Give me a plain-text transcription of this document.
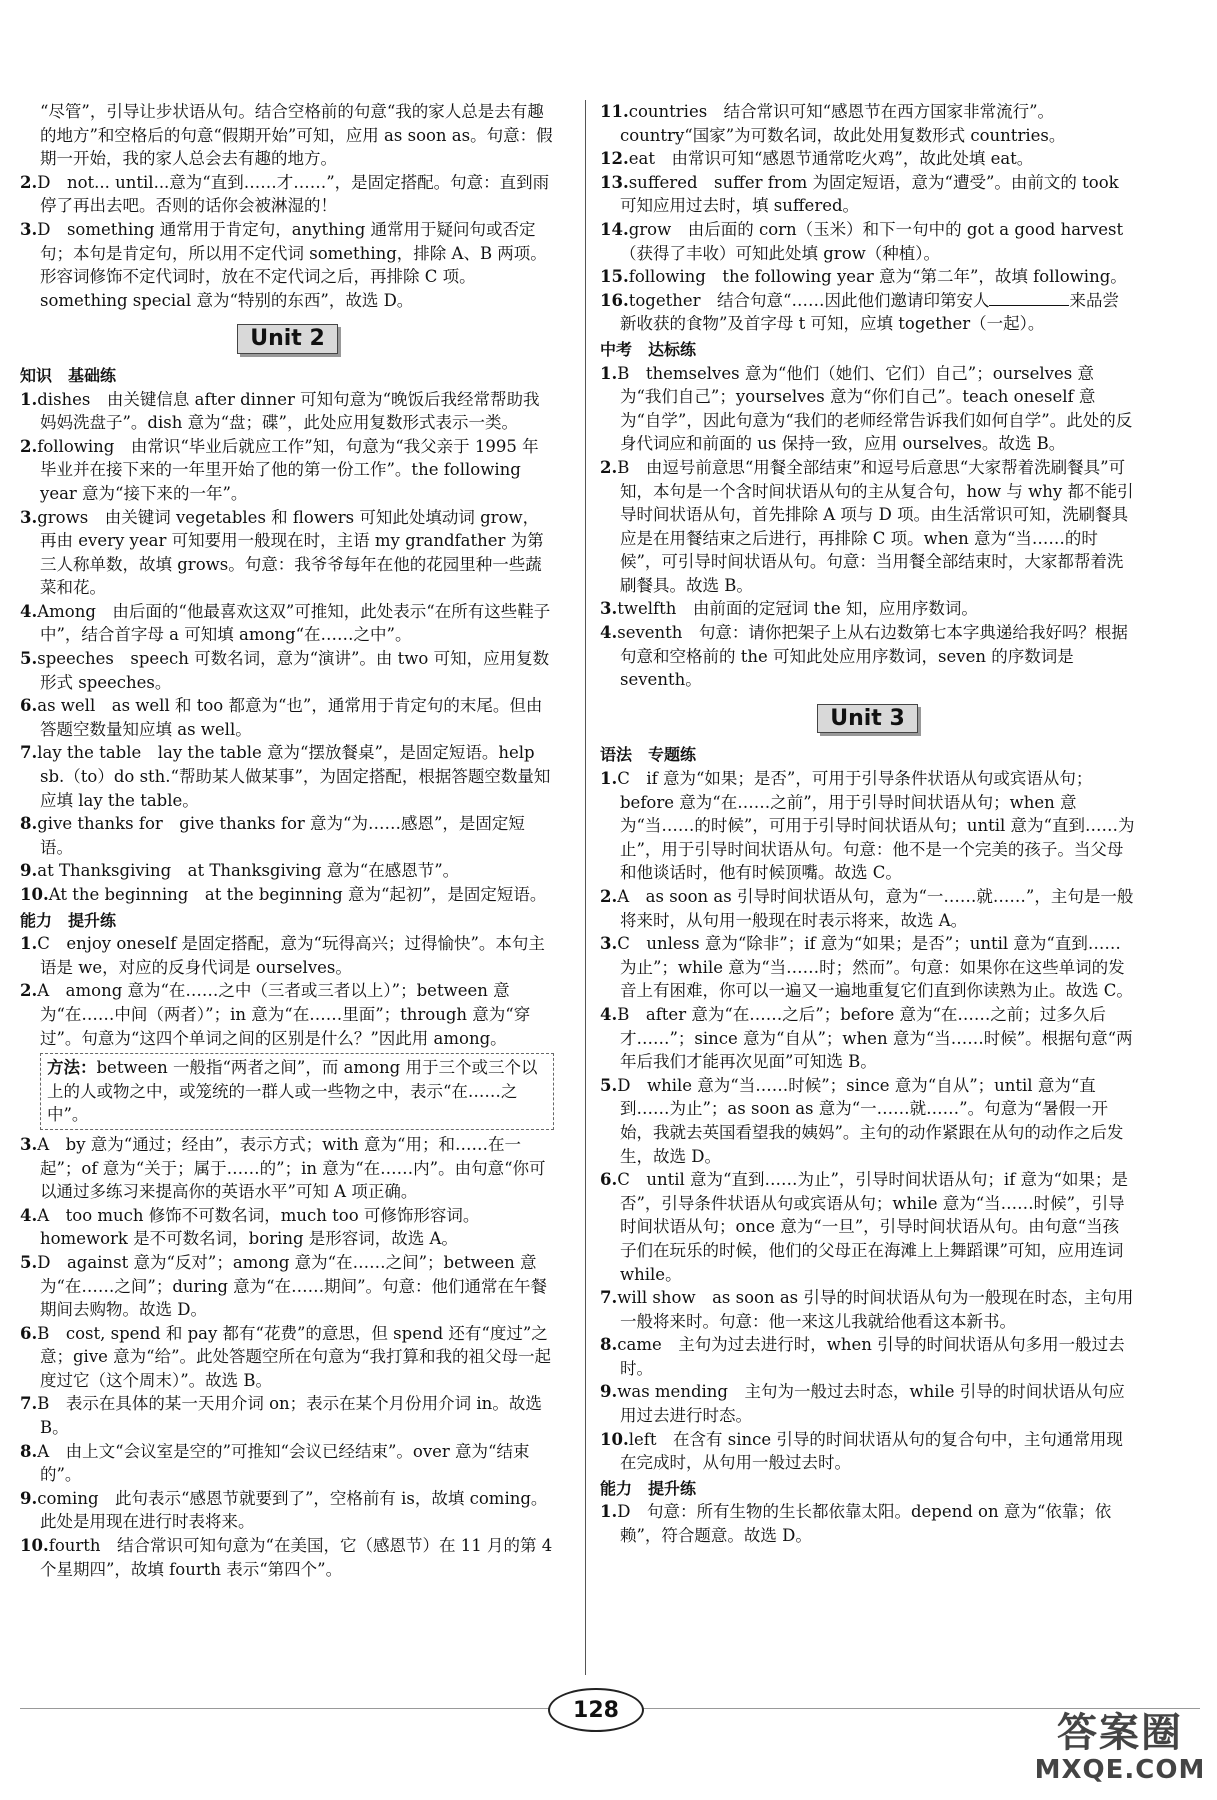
“尽管”，引导让步状语从句。结合空格前的句意“我的家人总是去有趣的地方”和空格后的句意“假期开始”可知，应用 as soon as。句意：假期一开始，我的家人总会去有趣的地方。

2.D　not... until...意为“直到……才……”，是固定搭配。句意：直到雨停了再出去吧。否则的话你会被淋湿的！

3.D　something 通常用于肯定句，anything 通常用于疑问句或否定句；本句是肯定句，所以用不定代词 something，排除 A、B 两项。形容词修饰不定代词时，放在不定代词之后，再排除 C 项。something special 意为“特别的东西”，故选 D。

Unit 2
知识　基础练

1.dishes　由关键信息 after dinner 可知句意为“晚饭后我经常帮助我妈妈洗盘子”。dish 意为“盘；碟”，此处应用复数形式表示一类。

2.following　由常识“毕业后就应工作”知，句意为“我父亲于 1995 年毕业并在接下来的一年里开始了他的第一份工作”。the following year 意为“接下来的一年”。

3.grows　由关键词 vegetables 和 flowers 可知此处填动词 grow，再由 every year 可知要用一般现在时，主语 my grandfather 为第三人称单数，故填 grows。句意：我爷爷每年在他的花园里种一些蔬菜和花。

4.Among　由后面的“他最喜欢这双”可推知，此处表示“在所有这些鞋子中”，结合首字母 a 可知填 among“在……之中”。

5.speeches　speech 可数名词，意为“演讲”。由 two 可知，应用复数形式 speeches。

6.as well　as well 和 too 都意为“也”，通常用于肯定句的末尾。但由答题空数量知应填 as well。

7.lay the table　lay the table 意为“摆放餐桌”，是固定短语。help sb.（to）do sth.“帮助某人做某事”，为固定搭配，根据答题空数量知应填 lay the table。

8.give thanks for　give thanks for 意为“为……感恩”，是固定短语。

9.at Thanksgiving　at Thanksgiving 意为“在感恩节”。

10.At the beginning　at the beginning 意为“起初”，是固定短语。

能力　提升练

1.C　enjoy oneself 是固定搭配，意为“玩得高兴；过得愉快”。本句主语是 we，对应的反身代词是 ourselves。

2.A　among 意为“在……之中（三者或三者以上）”；between 意为“在……中间（两者）”；in 意为“在……里面”；through 意为“穿过”。句意为“这四个单词之间的区别是什么？”因此用 among。

方法：between 一般指“两者之间”，而 among 用于三个或三个以上的人或物之中，或笼统的一群人或一些物之中，表示“在……之中”。

3.A　by 意为“通过；经由”，表示方式；with 意为“用；和……在一起”；of 意为“关于；属于……的”；in 意为“在……内”。由句意“你可以通过多练习来提高你的英语水平”可知 A 项正确。

4.A　too much 修饰不可数名词，much too 可修饰形容词。homework 是不可数名词，boring 是形容词，故选 A。

5.D　against 意为“反对”；among 意为“在……之间”；between 意为“在……之间”；during 意为“在……期间”。句意：他们通常在午餐期间去购物。故选 D。

6.B　cost, spend 和 pay 都有“花费”的意思，但 spend 还有“度过”之意；give 意为“给”。此处答题空所在句意为“我打算和我的祖父母一起度过它（这个周末）”。故选 B。

7.B　表示在具体的某一天用介词 on；表示在某个月份用介词 in。故选 B。

8.A　由上文“会议室是空的”可推知“会议已经结束”。over 意为“结束的”。

9.coming　此句表示“感恩节就要到了”，空格前有 is，故填 coming。此处是用现在进行时表将来。

10.fourth　结合常识可知句意为“在美国，它（感恩节）在 11 月的第 4 个星期四”，故填 fourth 表示“第四个”。

11.countries　结合常识可知“感恩节在西方国家非常流行”。country“国家”为可数名词，故此处用复数形式 countries。

12.eat　由常识可知“感恩节通常吃火鸡”，故此处填 eat。

13.suffered　suffer from 为固定短语，意为“遭受”。由前文的 took 可知应用过去时，填 suffered。

14.grow　由后面的 corn（玉米）和下一句中的 got a good harvest（获得了丰收）可知此处填 grow（种植）。

15.following　the following year 意为“第二年”，故填 following。

16.together　结合句意“……因此他们邀请印第安人	来品尝新收获的食物”及首字母 t 可知，应填 together（一起）。

中考　达标练

1.B　themselves 意为“他们（她们、它们）自己”；ourselves 意为“我们自己”；yourselves 意为“你们自己”。teach oneself 意为“自学”，因此句意为“我们的老师经常告诉我们如何自学”。此处的反身代词应和前面的 us 保持一致，应用 ourselves。故选 B。

2.B　由逗号前意思“用餐全部结束”和逗号后意思“大家帮着洗刷餐具”可知，本句是一个含时间状语从句的主从复合句，how 与 why 都不能引导时间状语从句，首先排除 A 项与 D 项。由生活常识可知，洗刷餐具应是在用餐结束之后进行，再排除 C 项。when 意为“当……的时候”，可引导时间状语从句。句意：当用餐全部结束时，大家都帮着洗刷餐具。故选 B。

3.twelfth　由前面的定冠词 the 知，应用序数词。

4.seventh　句意：请你把架子上从右边数第七本字典递给我好吗？根据句意和空格前的 the 可知此处应用序数词，seven 的序数词是 seventh。

Unit 3
语法　专题练

1.C　if 意为“如果；是否”，可用于引导条件状语从句或宾语从句；before 意为“在……之前”，用于引导时间状语从句；when 意为“当……的时候”，可用于引导时间状语从句；until 意为“直到……为止”，用于引导时间状语从句。句意：他不是一个完美的孩子。当父母和他谈话时，他有时候顶嘴。故选 C。

2.A　as soon as 引导时间状语从句，意为“一……就……”，主句是一般将来时，从句用一般现在时表示将来，故选 A。

3.C　unless 意为“除非”；if 意为“如果；是否”；until 意为“直到……为止”；while 意为“当……时；然而”。句意：如果你在这些单词的发音上有困难，你可以一遍又一遍地重复它们直到你读熟为止。故选 C。

4.B　after 意为“在……之后”；before 意为“在……之前；过多久后才……”；since 意为“自从”；when 意为“当……时候”。根据句意“两年后我们才能再次见面”可知选 B。

5.D　while 意为“当……时候”；since 意为“自从”；until 意为“直到……为止”；as soon as 意为“一……就……”。句意为“暑假一开始，我就去英国看望我的姨妈”。主句的动作紧跟在从句的动作之后发生，故选 D。

6.C　until 意为“直到……为止”，引导时间状语从句；if 意为“如果；是否”，引导条件状语从句或宾语从句；while 意为“当……时候”，引导时间状语从句；once 意为“一旦”，引导时间状语从句。由句意“当孩子们在玩乐的时候，他们的父母正在海滩上上舞蹈课”可知，应用连词 while。

7.will show　as soon as 引导的时间状语从句为一般现在时态，主句用一般将来时。句意：他一来这儿我就给他看这本新书。

8.came　主句为过去进行时，when 引导的时间状语从句多用一般过去时。

9.was mending　主句为一般过去时态，while 引导的时间状语从句应用过去进行时态。

10.left　在含有 since 引导的时间状语从句的复合句中，主句通常用现在完成时，从句用一般过去时。

能力　提升练

1.D　句意：所有生物的生长都依靠太阳。depend on 意为“依靠；依赖”，符合题意。故选 D。

128	答案圈
MXQE.COM
